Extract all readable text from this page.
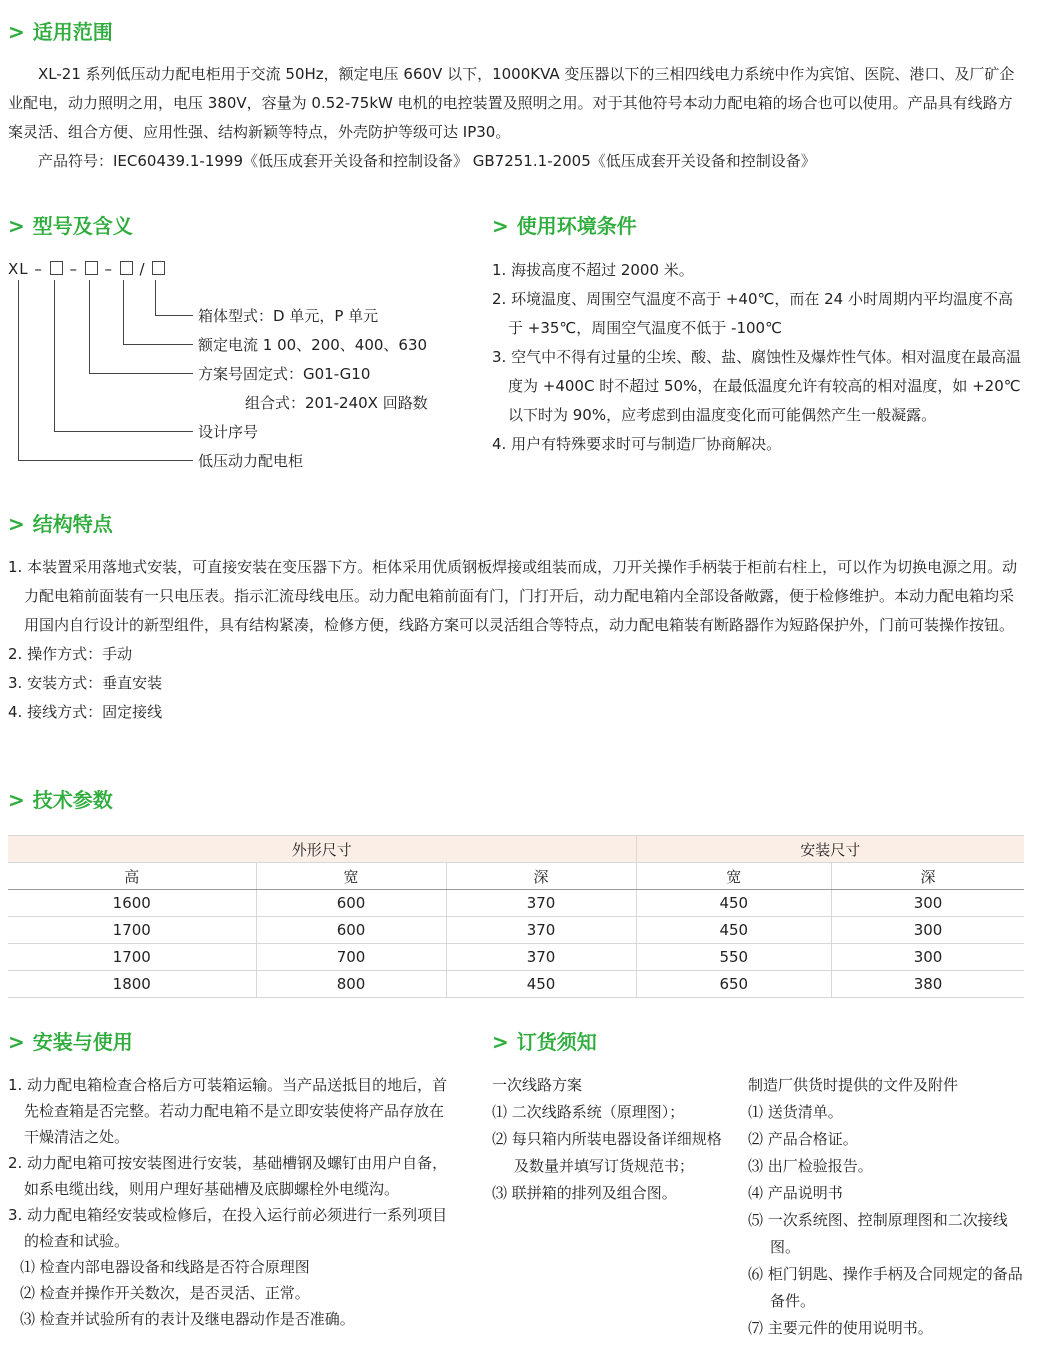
> 适用范围

XL-21 系列低压动力配电柜用于交流 50Hz，额定电压 660V 以下，1000KVA 变压器以下的三相四线电力系统中作为宾馆、医院、港口、及厂矿企业配电，动力照明之用，电压 380V，容量为 0.52-75kW 电机的电控装置及照明之用。对于其他符号本动力配电箱的场合也可以使用。产品具有线路方案灵活、组合方便、应用性强、结构新颖等特点，外壳防护等级可达 IP30。

产品符号：IEC60439.1-1999《低压成套开关设备和控制设备》 GB7251.1-2005《低压成套开关设备和控制设备》

> 型号及含义
XL –  –  –  /
箱体型式：D 单元，P 单元
额定电流 1 00、200、400、630
方案号固定式：G01-G10
组合式：201-240X 回路数
设计序号
低压动力配电柜
> 使用环境条件

1. 海拔高度不超过 2000 米。

2. 环境温度、周围空气温度不高于 +40℃，而在 24 小时周期内平均温度不高于 +35℃，周围空气温度不低于 -100℃

3. 空气中不得有过量的尘埃、酸、盐、腐蚀性及爆炸性气体。相对温度在最高温度为 +400C 时不超过 50%，在最低温度允许有较高的相对温度，如 +20℃以下时为 90%，应考虑到由温度变化而可能偶然产生一般凝露。

4. 用户有特殊要求时可与制造厂协商解决。

> 结构特点

1. 本装置采用落地式安装，可直接安装在变压器下方。柜体采用优质钢板焊接或组装而成，刀开关操作手柄装于柜前右柱上，可以作为切换电源之用。动力配电箱前面装有一只电压表。指示汇流母线电压。动力配电箱前面有门，门打开后，动力配电箱内全部设备敞露，便于检修维护。本动力配电箱均采用国内自行设计的新型组件，具有结构紧凑，检修方便，线路方案可以灵活组合等特点，动力配电箱装有断路器作为短路保护外，门前可装操作按钮。

2. 操作方式：手动

3. 安装方式：垂直安装

4. 接线方式：固定接线

> 技术参数
外形尺寸			安装尺寸	
高	宽	深	宽	深
1600	600	370	450	300
1700	600	370	450	300
1700	700	370	550	300
1800	800	450	650	380
> 安装与使用

1. 动力配电箱检查合格后方可装箱运输。当产品送抵目的地后，首先检查箱是否完整。若动力配电箱不是立即安装使将产品存放在干燥清洁之处。

2. 动力配电箱可按安装图进行安装，基础槽钢及螺钉由用户自备，如系电缆出线，则用户理好基础槽及底脚螺栓外电缆沟。

3. 动力配电箱经安装或检修后，在投入运行前必须进行一系列项目的检查和试验。

⑴ 检查内部电器设备和线路是否符合原理图

⑵ 检查并操作开关数次，是否灵活、正常。

⑶ 检查并试验所有的表计及继电器动作是否准确。

> 订货须知

一次线路方案

⑴ 二次线路系统（原理图）；

⑵ 每只箱内所装电器设备详细规格及数量并填写订货规范书；

⑶ 联拼箱的排列及组合图。

制造厂供货时提供的文件及附件

⑴ 送货清单。

⑵ 产品合格证。

⑶ 出厂检验报告。

⑷ 产品说明书

⑸ 一次系统图、控制原理图和二次接线图。

⑹ 柜门钥匙、操作手柄及合同规定的备品备件。

⑺ 主要元件的使用说明书。
